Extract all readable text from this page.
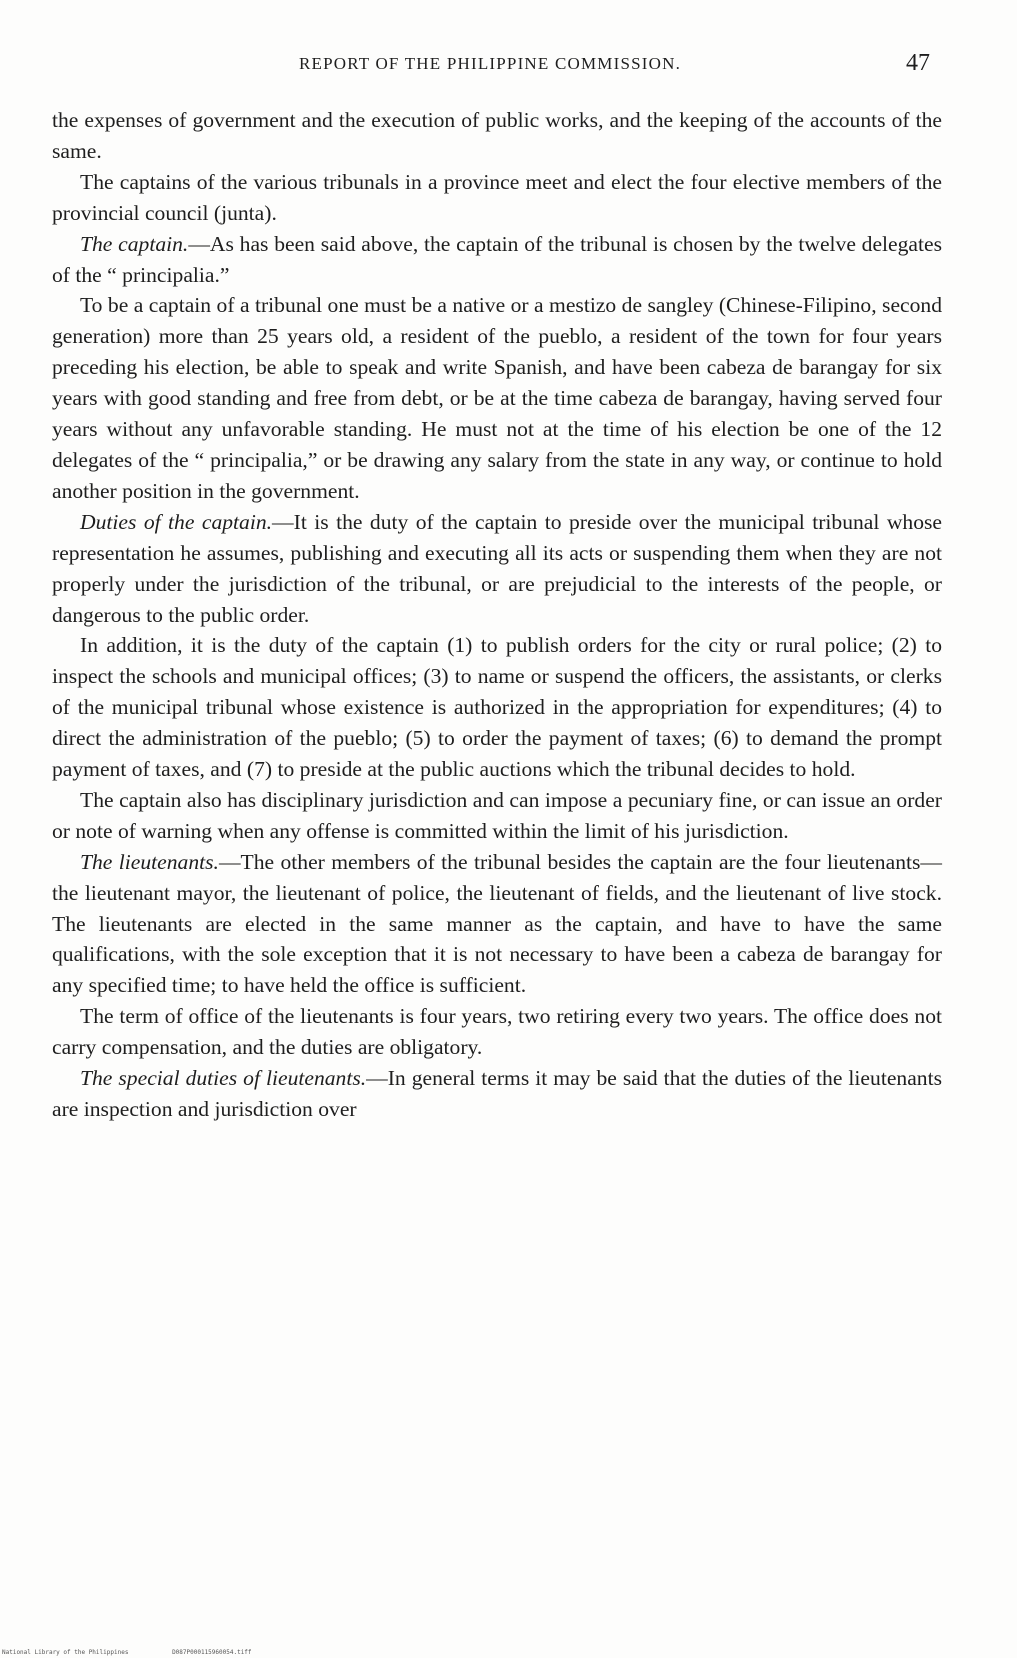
REPORT OF THE PHILIPPINE COMMISSION.	47

the expenses of government and the execution of public works, and the keeping of the accounts of the same.

The captains of the various tribunals in a province meet and elect the four elective members of the provincial council (junta).

The captain.—As has been said above, the captain of the tribunal is chosen by the twelve delegates of the “ principalia.”

To be a captain of a tribunal one must be a native or a mestizo de sangley (Chinese-Filipino, second generation) more than 25 years old, a resident of the pueblo, a resident of the town for four years preceding his election, be able to speak and write Spanish, and have been cabeza de barangay for six years with good standing and free from debt, or be at the time cabeza de barangay, having served four years without any unfavorable standing. He must not at the time of his election be one of the 12 delegates of the “ principalia,” or be drawing any salary from the state in any way, or continue to hold another position in the government.

Duties of the captain.—It is the duty of the captain to preside over the municipal tribunal whose representation he assumes, publishing and executing all its acts or suspending them when they are not properly under the jurisdiction of the tribunal, or are prejudicial to the interests of the people, or dangerous to the public order.

In addition, it is the duty of the captain (1) to publish orders for the city or rural police; (2) to inspect the schools and municipal offices; (3) to name or suspend the officers, the assistants, or clerks of the municipal tribunal whose existence is authorized in the appropriation for expenditures; (4) to direct the administration of the pueblo; (5) to order the payment of taxes; (6) to demand the prompt payment of taxes, and (7) to preside at the public auctions which the tribunal decides to hold.

The captain also has disciplinary jurisdiction and can impose a pecuniary fine, or can issue an order or note of warning when any offense is committed within the limit of his jurisdiction.

The lieutenants.—The other members of the tribunal besides the captain are the four lieutenants—the lieutenant mayor, the lieutenant of police, the lieutenant of fields, and the lieutenant of live stock. The lieutenants are elected in the same manner as the captain, and have to have the same qualifications, with the sole exception that it is not necessary to have been a cabeza de barangay for any specified time; to have held the office is sufficient.

The term of office of the lieutenants is four years, two retiring every two years. The office does not carry compensation, and the duties are obligatory.

The special duties of lieutenants.—In general terms it may be said that the duties of the lieutenants are inspection and jurisdiction over

National Library of the Philippines	D087P000115960054.tiff
